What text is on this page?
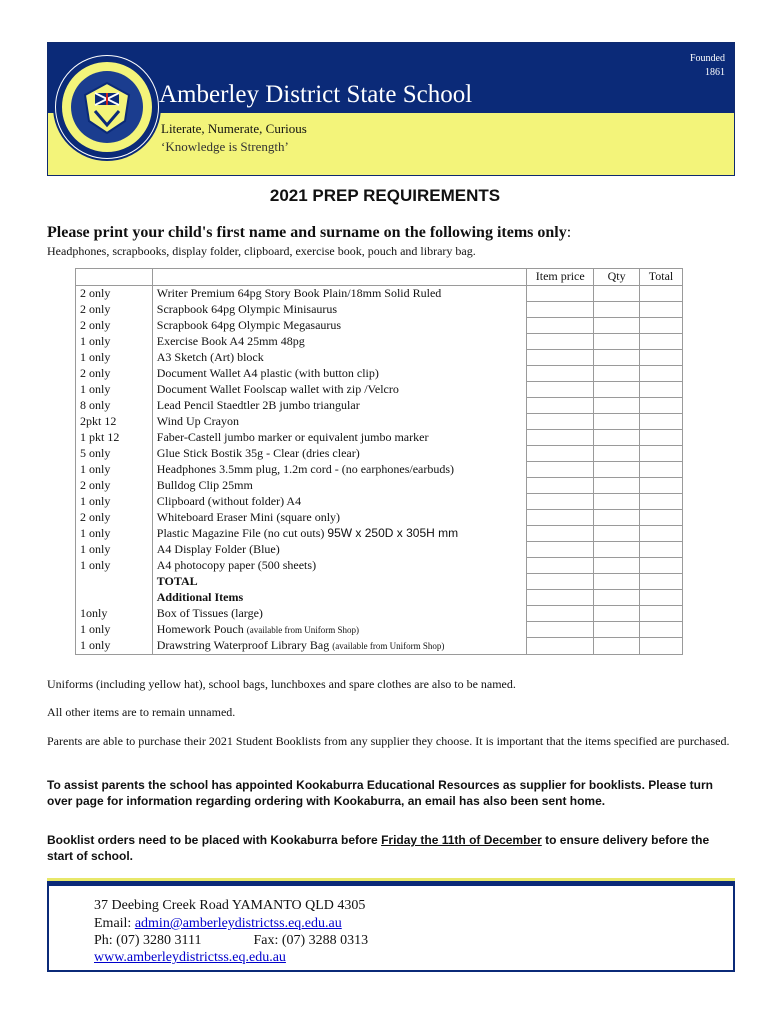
Amberley District State School
Founded
1861
Literate, Numerate, Curious
‘Knowledge is Strength’
2021 PREP REQUIREMENTS
Please print your child's first name and surname on the following items only:
Headphones, scrapbooks, display folder, clipboard, exercise book, pouch and library bag.
		Item price	Qty	Total
2 only	Writer Premium 64pg Story Book Plain/18mm Solid Ruled			
2 only	Scrapbook 64pg Olympic Minisaurus			
2 only	Scrapbook 64pg Olympic Megasaurus			
1 only	Exercise Book A4 25mm 48pg			
1 only	A3 Sketch (Art) block			
2 only	Document Wallet A4 plastic (with button clip)			
1 only	Document Wallet Foolscap wallet with zip /Velcro			
8 only	Lead Pencil Staedtler 2B jumbo triangular			
2pkt 12	Wind Up Crayon			
1 pkt 12	Faber-Castell jumbo marker or equivalent jumbo marker			
5 only	Glue Stick Bostik 35g - Clear (dries clear)			
1 only	Headphones 3.5mm plug, 1.2m cord - (no earphones/earbuds)			
2 only	Bulldog Clip 25mm			
1 only	Clipboard (without folder) A4			
2 only	Whiteboard Eraser Mini (square only)			
1 only	Plastic Magazine File (no cut outs) 95W x 250D x 305H mm			
1 only	A4 Display Folder (Blue)			
1 only	A4 photocopy paper (500 sheets)			
	TOTAL			
	Additional Items			
1only	Box of Tissues (large)			
1 only	Homework Pouch (available from Uniform Shop)			
1 only	Drawstring Waterproof Library Bag (available from Uniform Shop)			
Uniforms (including yellow hat), school bags, lunchboxes and spare clothes are also to be named.
All other items are to remain unnamed.
Parents are able to purchase their 2021 Student Booklists from any supplier they choose. It is important that the items specified are purchased.
To assist parents the school has appointed Kookaburra Educational Resources as supplier for booklists. Please turn over page for information regarding ordering with Kookaburra, an email has also been sent home.
Booklist orders need to be placed with Kookaburra before Friday the 11th of December to ensure delivery before the start of school.
37 Deebing Creek Road YAMANTO QLD 4305
Email: admin@amberleydistrictss.eq.edu.au
Ph: (07) 3280 3111	Fax: (07) 3288 0313
www.amberleydistrictss.eq.edu.au
